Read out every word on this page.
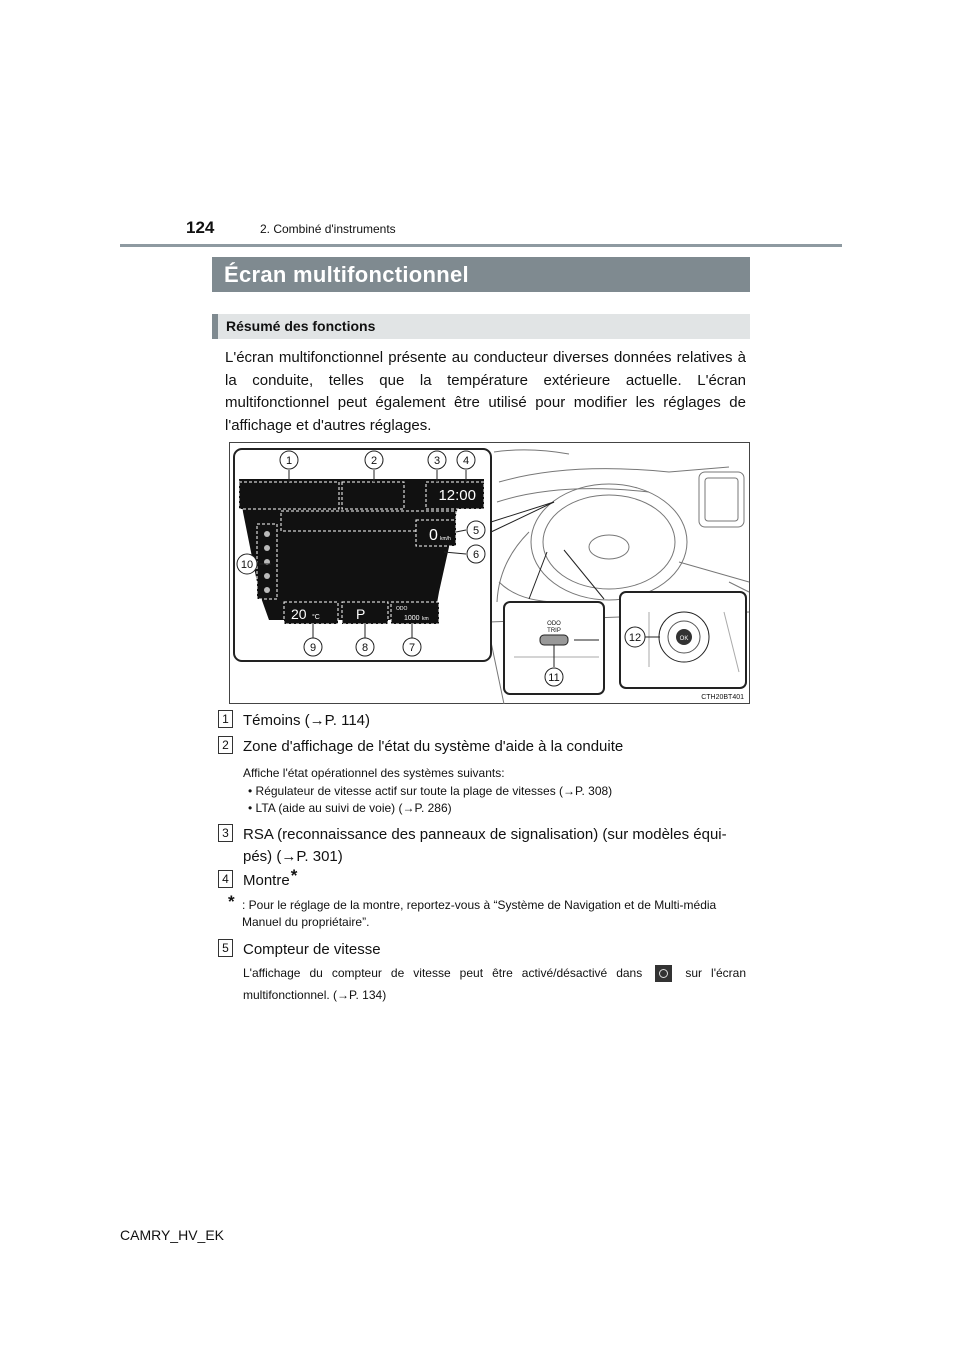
124	2. Combiné d'instruments
Écran multifonctionnel
Résumé des fonctions

L'écran multifonctionnel présente au conducteur diverses données relatives à la conduite, telles que la température extérieure actuelle. L'écran multifonctionnel peut également être utilisé pour modifier les réglages de l'affichage et d'autres réglages.

12:00
0 km/h
20 °C	P	ODO
1000 km
1	2	3 4
5
6
7
8
9
10
ODO
TRIP
11
OK
12
CTH20BT401
1 Témoins (→P. 114)
2 Zone d'affichage de l'état du système d'aide à la conduite

Affiche l'état opérationnel des systèmes suivants:

• Régulateur de vitesse actif sur toute la plage de vitesses (→P. 308)

• LTA (aide au suivi de voie) (→P. 286)

3 RSA (reconnaissance des panneaux de signalisation) (sur modèles équi-
pés) (→P. 301)
4 Montre *
* : Pour le réglage de la montre, reportez-vous à “Système de Navigation et de Multi-média Manuel du propriétaire”.
5 Compteur de vitesse
L'affichage du compteur de vitesse peut être activé/désactivé dans	sur l'écran multifonctionnel. (→P. 134)
CAMRY_HV_EK
